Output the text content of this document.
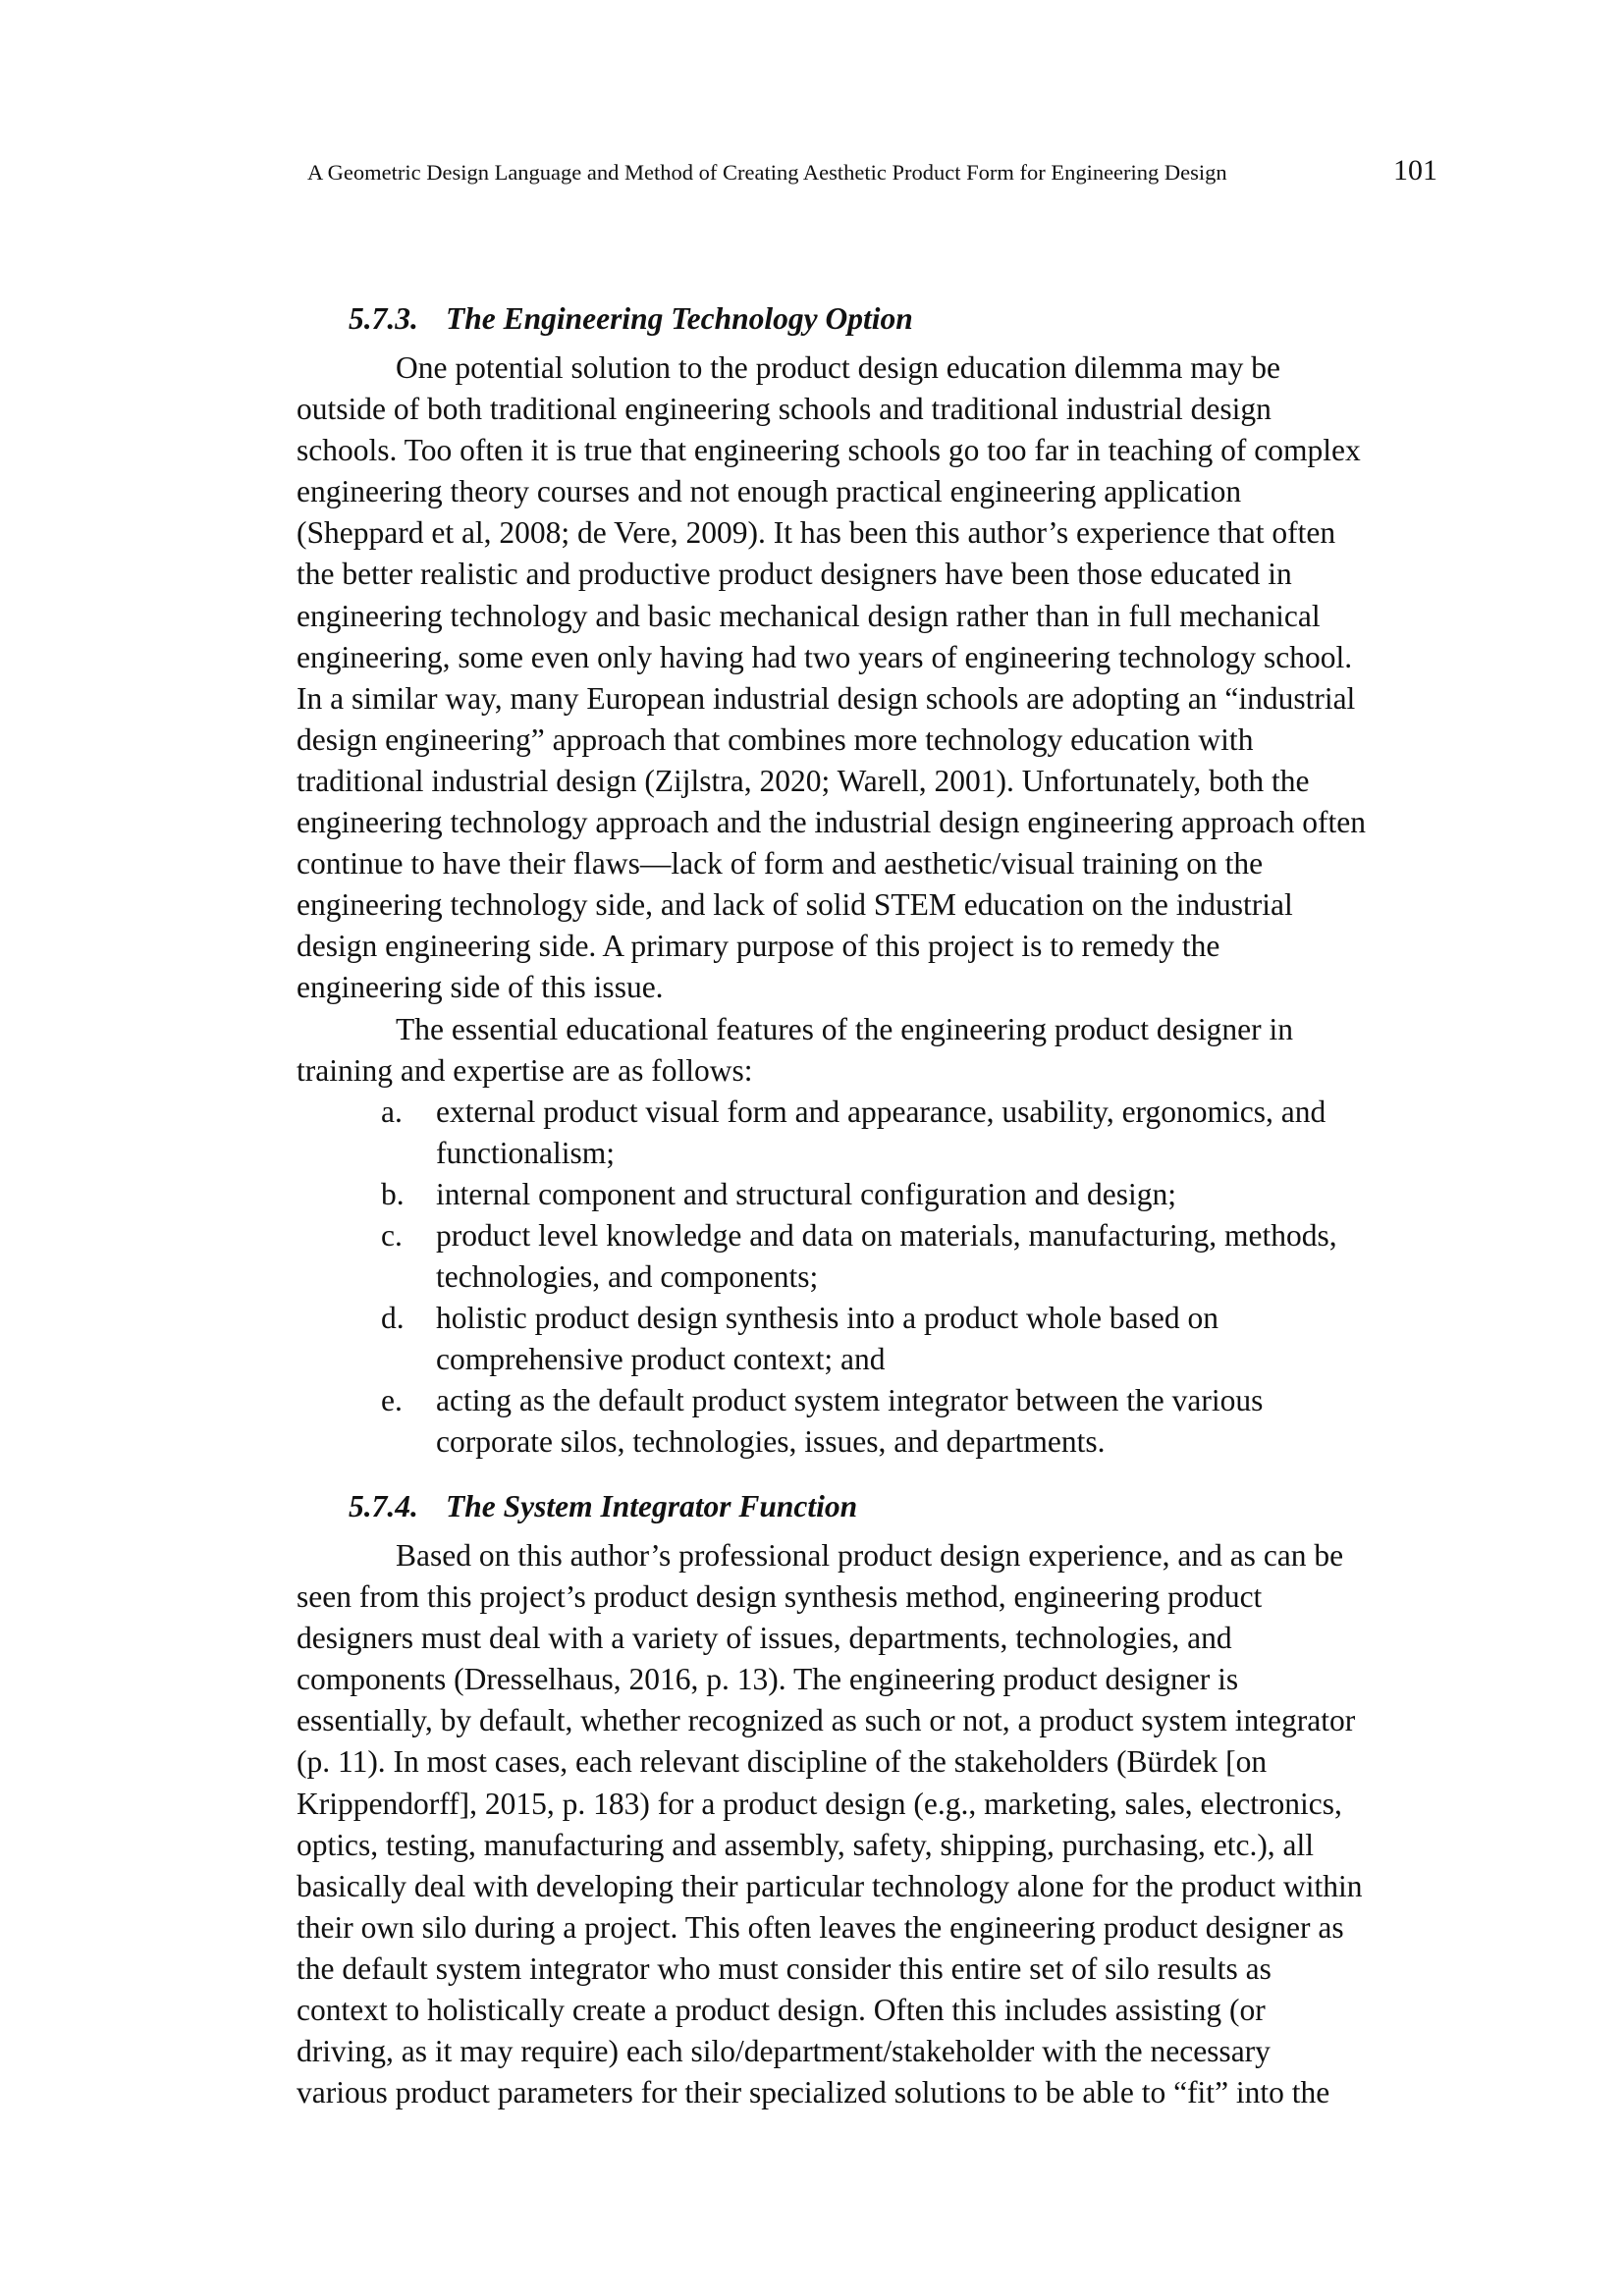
A Geometric Design Language and Method of Creating Aesthetic Product Form for Engineering Design	101
5.7.3. The Engineering Technology Option
One potential solution to the product design education dilemma may be
outside of both traditional engineering schools and traditional industrial design
schools. Too often it is true that engineering schools go too far in teaching of complex
engineering theory courses and not enough practical engineering application
(Sheppard et al, 2008; de Vere, 2009). It has been this author’s experience that often
the better realistic and productive product designers have been those educated in
engineering technology and basic mechanical design rather than in full mechanical
engineering, some even only having had two years of engineering technology school.
In a similar way, many European industrial design schools are adopting an “industrial
design engineering” approach that combines more technology education with
traditional industrial design (Zijlstra, 2020; Warell, 2001). Unfortunately, both the
engineering technology approach and the industrial design engineering approach often
continue to have their flaws—lack of form and aesthetic/visual training on the
engineering technology side, and lack of solid STEM education on the industrial
design engineering side. A primary purpose of this project is to remedy the
engineering side of this issue.
The essential educational features of the engineering product designer in
training and expertise are as follows:
a. external product visual form and appearance, usability, ergonomics, and
functionalism;
b. internal component and structural configuration and design;
c. product level knowledge and data on materials, manufacturing, methods,
technologies, and components;
d. holistic product design synthesis into a product whole based on
comprehensive product context; and
e. acting as the default product system integrator between the various
corporate silos, technologies, issues, and departments.
5.7.4. The System Integrator Function
Based on this author’s professional product design experience, and as can be
seen from this project’s product design synthesis method, engineering product
designers must deal with a variety of issues, departments, technologies, and
components (Dresselhaus, 2016, p. 13). The engineering product designer is
essentially, by default, whether recognized as such or not, a product system integrator
(p. 11). In most cases, each relevant discipline of the stakeholders (Bürdek [on
Krippendorff], 2015, p. 183) for a product design (e.g., marketing, sales, electronics,
optics, testing, manufacturing and assembly, safety, shipping, purchasing, etc.), all
basically deal with developing their particular technology alone for the product within
their own silo during a project. This often leaves the engineering product designer as
the default system integrator who must consider this entire set of silo results as
context to holistically create a product design. Often this includes assisting (or
driving, as it may require) each silo/department/stakeholder with the necessary
various product parameters for their specialized solutions to be able to “fit” into the
